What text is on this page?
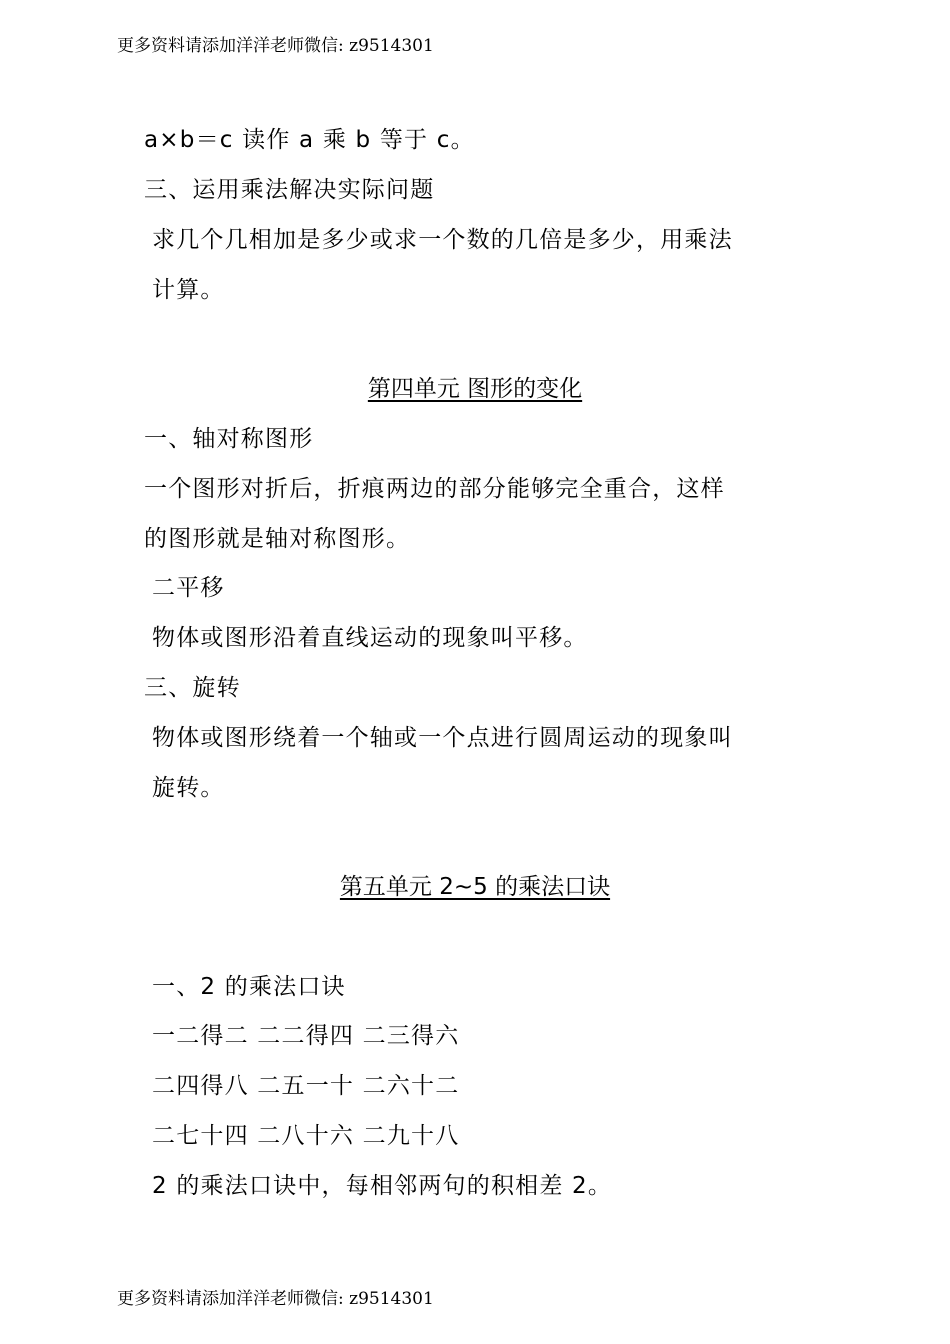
更多资料请添加洋洋老师微信: z9514301
a×b＝c 读作 a 乘 b 等于 c。
三、运用乘法解决实际问题
求几个几相加是多少或求一个数的几倍是多少，用乘法
计算。
第四单元 图形的变化
一、轴对称图形
一个图形对折后，折痕两边的部分能够完全重合，这样
的图形就是轴对称图形。
二平移
物体或图形沿着直线运动的现象叫平移。
三、旋转
物体或图形绕着一个轴或一个点进行圆周运动的现象叫
旋转。
第五单元 2~5 的乘法口诀
一、2 的乘法口诀
一二得二 二二得四 二三得六
二四得八 二五一十 二六十二
二七十四 二八十六 二九十八
2 的乘法口诀中，每相邻两句的积相差 2。
更多资料请添加洋洋老师微信: z9514301
